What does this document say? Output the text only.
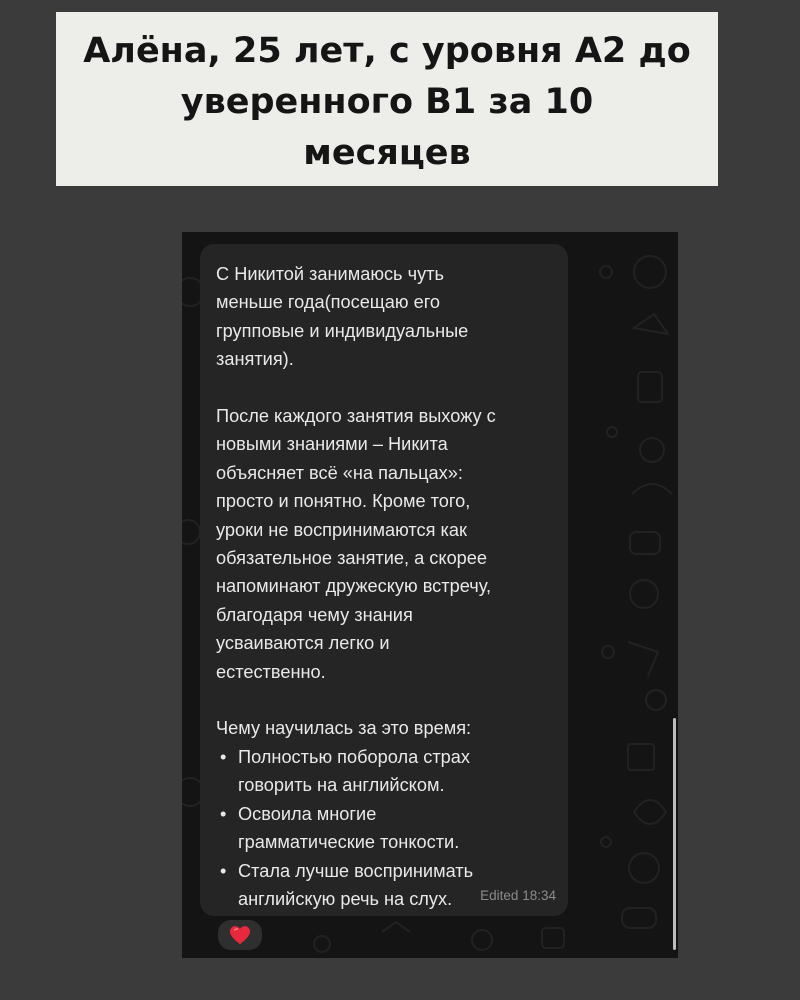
Алёна, 25 лет, с уровня А2 до
уверенного В1 за 10
месяцев

С Никитой занимаюсь чуть
меньше года(посещаю его
групповые и индивидуальные
занятия).

После каждого занятия выхожу с
новыми знаниями – Никита
объясняет всё «на пальцах»:
просто и понятно. Кроме того,
уроки не воспринимаются как
обязательное занятие, а скорее
напоминают дружескую встречу,
благодаря чему знания
усваиваются легко и
естественно.

Чему научилась за это время:

• Полностью поборола страх
говорить на английском.
• Освоила многие
грамматические тонкости.
• Стала лучше воспринимать
английскую речь на слух.	Edited 18:34
